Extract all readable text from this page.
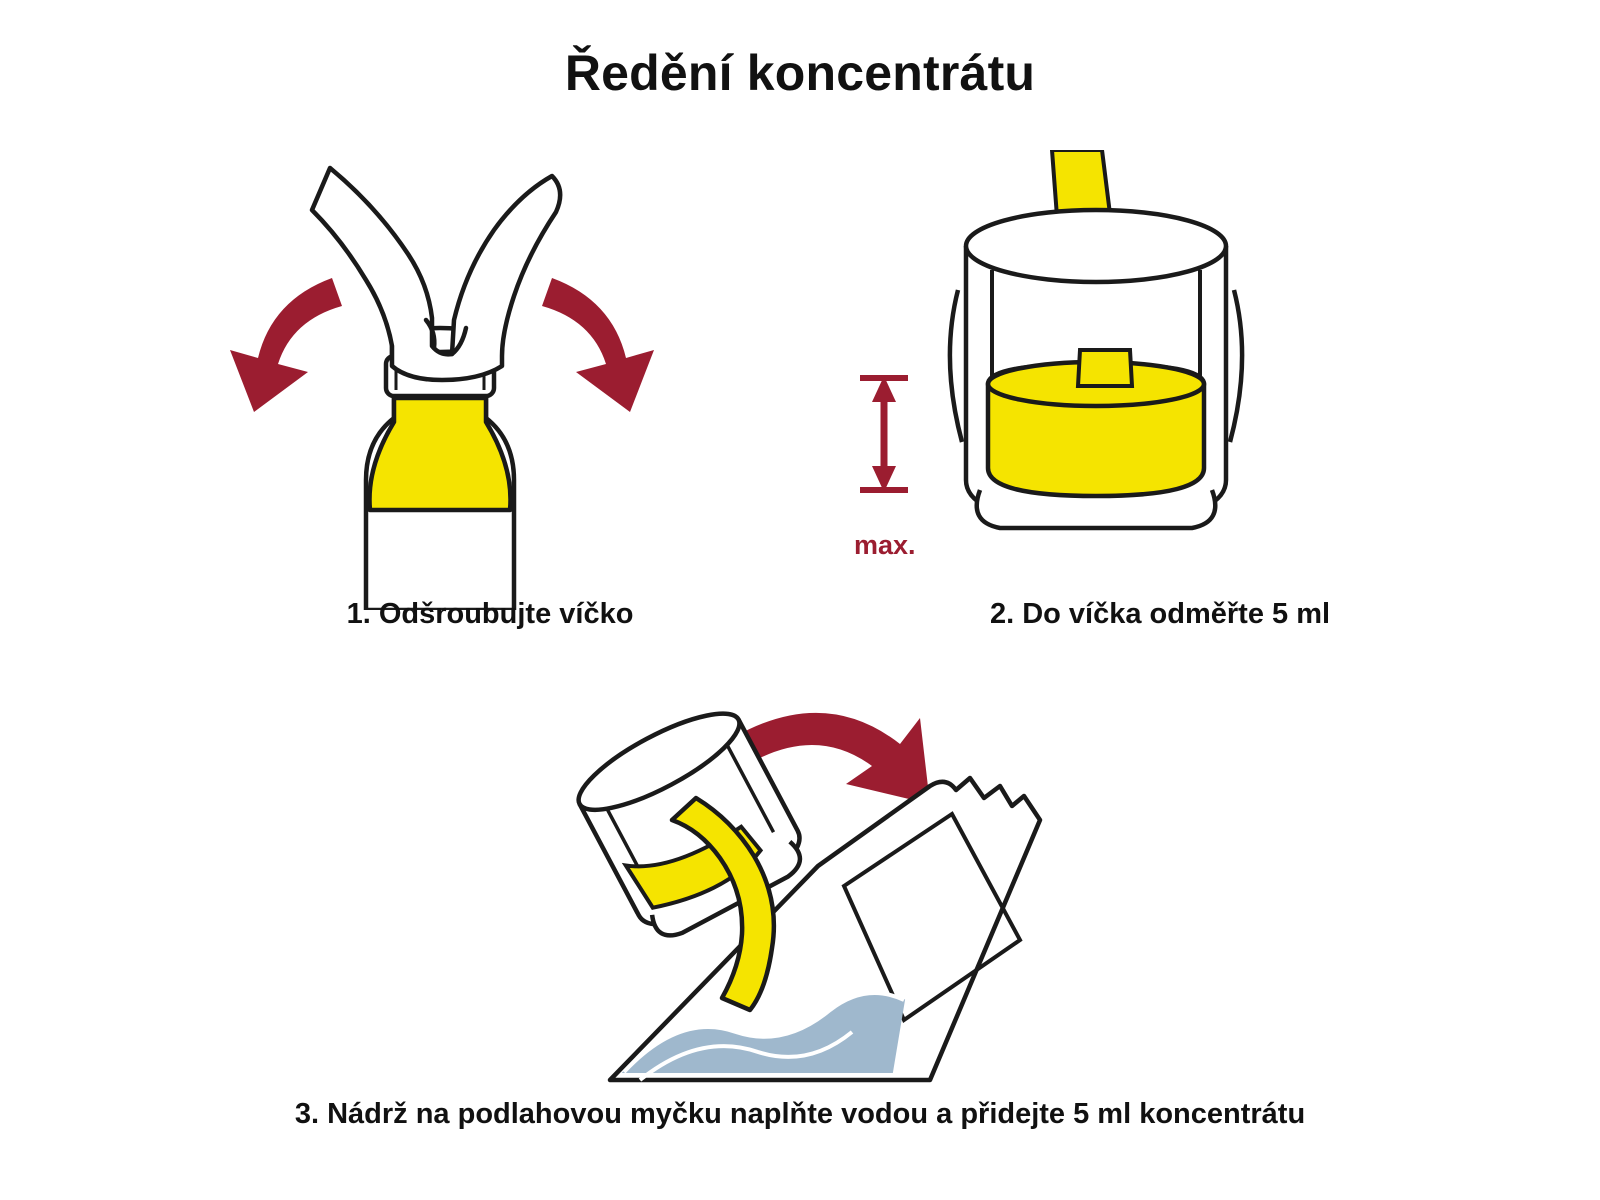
Ředění koncentrátu
1. Odšroubujte víčko
max.
2. Do víčka odměřte 5 ml
3. Nádrž na podlahovou myčku naplňte vodou a přidejte 5 ml koncentrátu
